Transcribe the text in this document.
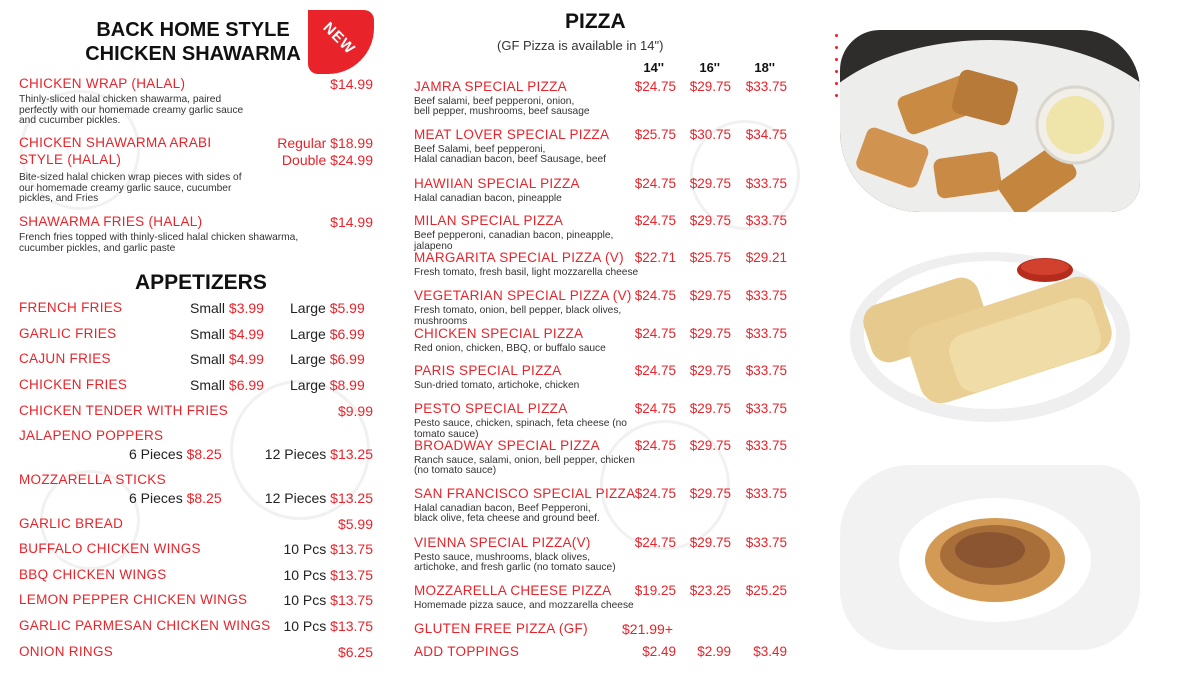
BACK HOME STYLE
CHICKEN SHAWARMA	NEW
CHICKEN WRAP (HALAL)	$14.99
Thinly-sliced halal chicken shawarma, paired perfectly with our homemade creamy garlic sauce and cucumber pickles.
CHICKEN SHAWARMA ARABI
STYLE (HALAL)
Regular $18.99
Double $24.99
Bite-sized halal chicken wrap pieces with sides of our homemade creamy garlic sauce, cucumber pickles, and Fries
SHAWARMA FRIES (HALAL)	$14.99
French fries topped with thinly-sliced halal chicken shawarma, cucumber pickles, and garlic paste
APPETIZERS
FRENCH FRIES	Small $3.99 Large $5.99
GARLIC FRIES	Small $4.99 Large $6.99
CAJUN FRIES	Small $4.99 Large $6.99
CHICKEN FRIES	Small $6.99 Large $8.99
CHICKEN TENDER WITH FRIES	$9.99
JALAPENO POPPERS
6 Pieces $8.25	12 Pieces $13.25
MOZZARELLA STICKS
6 Pieces $8.25	12 Pieces $13.25
GARLIC BREAD	$5.99
BUFFALO CHICKEN WINGS	10 Pcs $13.75
BBQ CHICKEN WINGS	10 Pcs $13.75
LEMON PEPPER CHICKEN WINGS	10 Pcs $13.75
GARLIC PARMESAN CHICKEN WINGS 10 Pcs $13.75
ONION RINGS	$6.25
PIZZA
(GF Pizza is available in 14")
14''	16''	18''
JAMRA SPECIAL PIZZA	$24.75	$29.75	$33.75
Beef salami, beef pepperoni, onion,
bell pepper, mushrooms, beef sausage
MEAT LOVER SPECIAL PIZZA	$25.75	$30.75	$34.75
Beef Salami, beef pepperoni,
Halal canadian bacon, beef Sausage, beef
HAWIIAN SPECIAL PIZZA	$24.75	$29.75	$33.75
Halal canadian bacon, pineapple
MILAN SPECIAL PIZZA	$24.75	$29.75	$33.75
Beef pepperoni, canadian bacon, pineapple, jalapeno
MARGARITA SPECIAL PIZZA (V) $22.71	$25.75	$29.21
Fresh tomato, fresh basil, light mozzarella cheese
VEGETARIAN SPECIAL PIZZA (V) $24.75	$29.75	$33.75
Fresh tomato, onion, bell pepper, black olives, mushrooms
CHICKEN SPECIAL PIZZA	$24.75	$29.75	$33.75
Red onion, chicken, BBQ, or buffalo sauce
PARIS SPECIAL PIZZA	$24.75	$29.75	$33.75
Sun-dried tomato, artichoke, chicken
PESTO SPECIAL PIZZA	$24.75	$29.75	$33.75
Pesto sauce, chicken, spinach, feta cheese (no tomato sauce)
BROADWAY SPECIAL PIZZA	$24.75	$29.75	$33.75
Ranch sauce, salami, onion, bell pepper, chicken
(no tomato sauce)
SAN FRANCISCO SPECIAL PIZZA $24.75	$29.75	$33.75
Halal canadian bacon, Beef Pepperoni,
black olive, feta cheese and ground beef.
VIENNA SPECIAL PIZZA(V)	$24.75	$29.75	$33.75
Pesto sauce, mushrooms, black olives,
artichoke, and fresh garlic (no tomato sauce)
MOZZARELLA CHEESE PIZZA	$19.25	$23.25	$25.25
Homemade pizza sauce, and mozzarella cheese
GLUTEN FREE PIZZA (GF) $21.99+
ADD TOPPINGS	$2.49	$2.99	$3.49
